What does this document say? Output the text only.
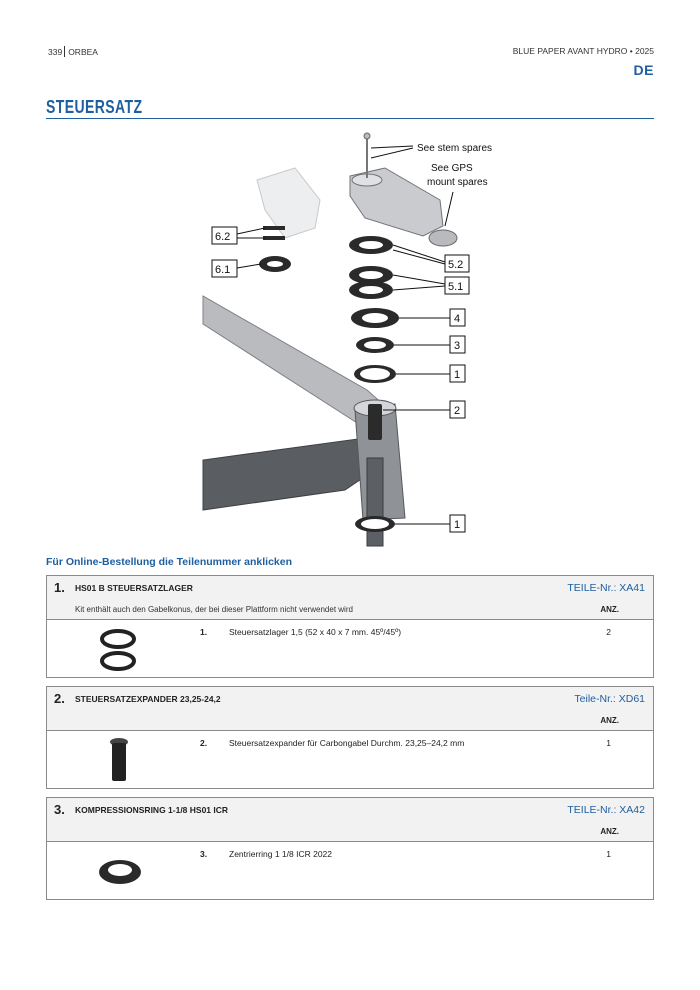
339 ORBEA	BLUE PAPER AVANT HYDRO • 2025
DE
STEUERSATZ
See stem spares
See GPS
mount spares
6.2
6.1	5.2
5.1
4
3
1
2
1
Für Online-Bestellung die Teilenummer anklicken
1. HS01 B STEUERSATZLAGER	TEILE-Nr.: XA41
Kit enthält auch den Gabelkonus, der bei dieser Plattform nicht verwendet wird	ANZ.
1.	Steuersatzlager 1,5 (52 x 40 x 7 mm. 45º/45º)	2
2. STEUERSATZEXPANDER 23,25-24,2	Teile-Nr.: XD61
ANZ.
2.	Steuersatzexpander für Carbongabel Durchm. 23,25–24,2 mm	1
3. KOMPRESSIONSRING 1-1/8 HS01 ICR	TEILE-Nr.: XA42
ANZ.
3.	Zentrierring 1 1/8 ICR 2022	1
